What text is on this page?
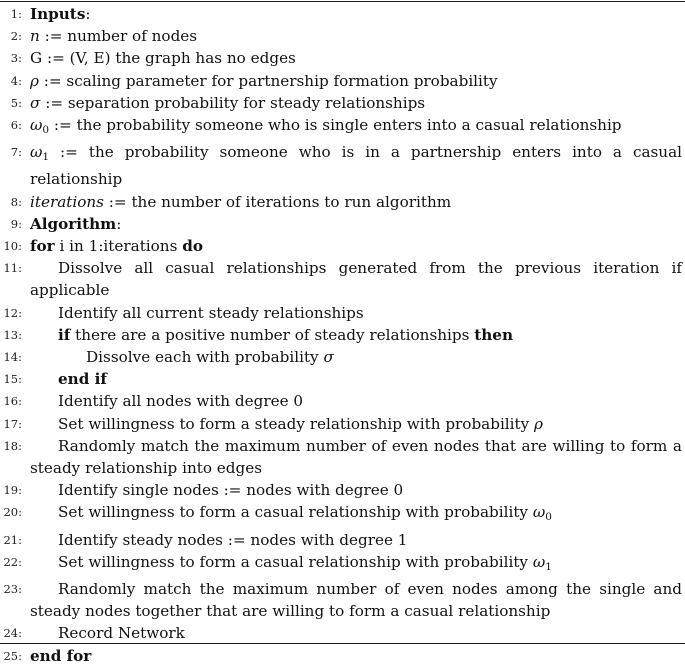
1 : Inputs:
2 : n := number of nodes
3 : G := (V, E) the graph has no edges
4 : ρ := scaling parameter for partnership formation probability
5 : σ := separation probability for steady relationships
6 : $\omega_0$ := the probability someone who is single enters into a casual relationship
7 : $\omega_1$ := the probability someone who is in a partnership enters into a casual relationship
8 : iterations := the number of iterations to run algorithm
9 : Algorithm:
10 : for i in 1:iterations do
11 :	Dissolve all casual relationships generated from the previous iteration if applicable
12 :	Identify all current steady relationships
13 :	if there are a positive number of steady relationships then
14 :	Dissolve each with probability σ
15 :	end if
16 :	Identify all nodes with degree 0
17 :	Set willingness to form a steady relationship with probability ρ
18 :	Randomly match the maximum number of even nodes that are willing to form a steady relationship into edges
19 :	Identify single nodes := nodes with degree 0
20 :	Set willingness to form a casual relationship with probability $\omega_0$
21 :	Identify steady nodes := nodes with degree 1
22 :	Set willingness to form a casual relationship with probability $\omega_1$
23 :	Randomly match the maximum number of even nodes among the single and steady nodes together that are willing to form a casual relationship
24 :	Record Network
25 : end for
